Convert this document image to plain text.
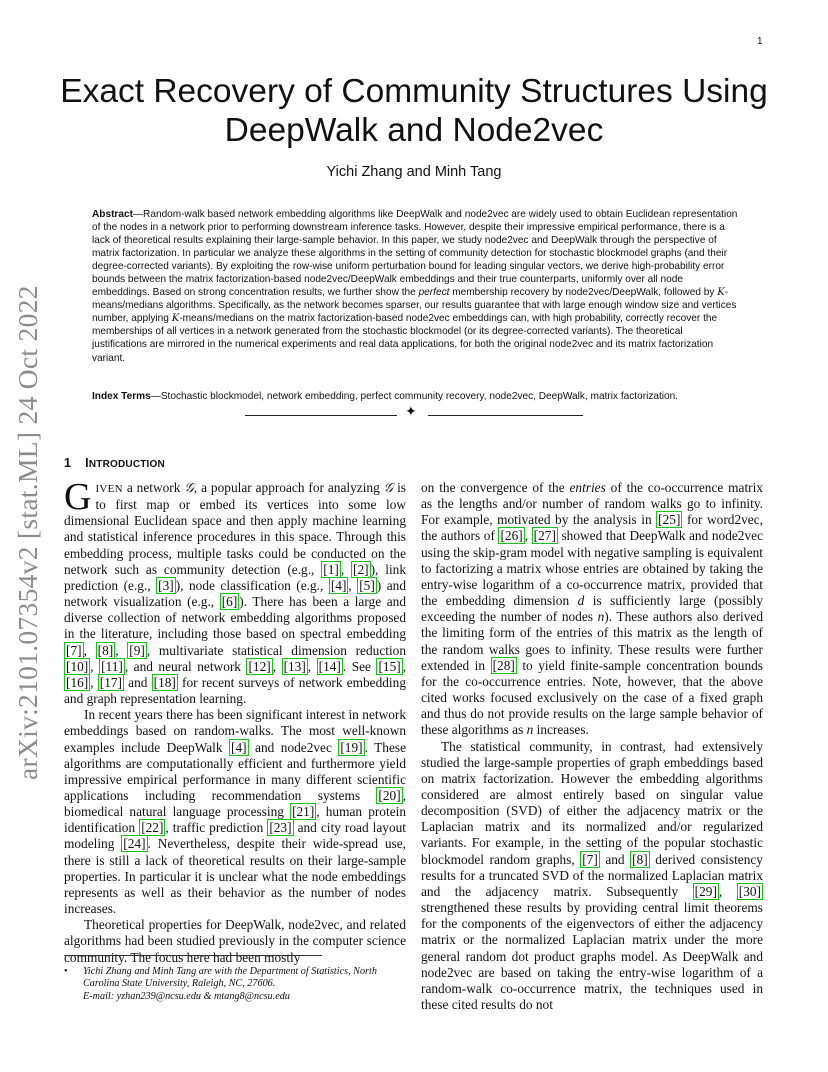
1
arXiv:2101.07354v2 [stat.ML] 24 Oct 2022
Exact Recovery of Community Structures Using
DeepWalk and Node2vec
Yichi Zhang and Minh Tang

Abstract—Random-walk based network embedding algorithms like DeepWalk and node2vec are widely used to obtain Euclidean representation of the nodes in a network prior to performing downstream inference tasks. However, despite their impressive empirical performance, there is a lack of theoretical results explaining their large-sample behavior. In this paper, we study node2vec and DeepWalk through the perspective of matrix factorization. In particular we analyze these algorithms in the setting of community detection for stochastic blockmodel graphs (and their degree-corrected variants). By exploiting the row-wise uniform perturbation bound for leading singular vectors, we derive high-probability error bounds between the matrix factorization-based node2vec/DeepWalk embeddings and their true counterparts, uniformly over all node embeddings. Based on strong concentration results, we further show the perfect membership recovery by node2vec/DeepWalk, followed by K-means/medians algorithms. Specifically, as the network becomes sparser, our results guarantee that with large enough window size and vertices number, applying K-means/medians on the matrix factorization-based node2vec embeddings can, with high probability, correctly recover the memberships of all vertices in a network generated from the stochastic blockmodel (or its degree-corrected variants). The theoretical justifications are mirrored in the numerical experiments and real data applications, for both the original node2vec and its matrix factorization variant.

Index Terms—Stochastic blockmodel, network embedding, perfect community recovery, node2vec, DeepWalk, matrix factorization.

✦
1 INTRODUCTION

GIVEN a network 𝒢, a popular approach for analyzing 𝒢 is to first map or embed its vertices into some low dimensional Euclidean space and then apply machine learning and statistical inference procedures in this space. Through this embedding process, multiple tasks could be conducted on the network such as community detection (e.g., [1] , [2] ), link prediction (e.g., [3] ), node classification (e.g., [4] , [5] ) and network visualization (e.g., [6] ). There has been a large and diverse collection of network embedding algorithms proposed in the literature, including those based on spectral embedding [7] , [8] , [9] , multivariate statistical dimension reduction [10] , [11] , and neural network [12] , [13] , [14] . See [15] , [16] , [17] and [18] for recent surveys of network embedding and graph representation learning.

In recent years there has been significant interest in network embeddings based on random-walks. The most well-known examples include DeepWalk [4] and node2vec [19] . These algorithms are computationally efficient and furthermore yield impressive empirical performance in many different scientific applications including recommendation systems [20] , biomedical natural language processing [21] , human protein identification [22] , traffic prediction [23] and city road layout modeling [24] . Nevertheless, despite their wide-spread use, there is still a lack of theoretical results on their large-sample properties. In particular it is unclear what the node embeddings represents as well as their behavior as the number of nodes increases.

Theoretical properties for DeepWalk, node2vec, and related algorithms had been studied previously in the computer science community. The focus here had been mostly

on the convergence of the entries of the co-occurrence matrix as the lengths and/or number of random walks go to infinity. For example, motivated by the analysis in [25] for word2vec, the authors of [26] , [27] showed that DeepWalk and node2vec using the skip-gram model with negative sampling is equivalent to factorizing a matrix whose entries are obtained by taking the entry-wise logarithm of a co-occurrence matrix, provided that the embedding dimension d is sufficiently large (possibly exceeding the number of nodes n). These authors also derived the limiting form of the entries of this matrix as the length of the random walks goes to infinity. These results were further extended in [28] to yield finite-sample concentration bounds for the co-occurrence entries. Note, however, that the above cited works focused exclusively on the case of a fixed graph and thus do not provide results on the large sample behavior of these algorithms as n increases.

The statistical community, in contrast, had extensively studied the large-sample properties of graph embeddings based on matrix factorization. However the embedding algorithms considered are almost entirely based on singular value decomposition (SVD) of either the adjacency matrix or the Laplacian matrix and its normalized and/or regularized variants. For example, in the setting of the popular stochastic blockmodel random graphs, [7] and [8] derived consistency results for a truncated SVD of the normalized Laplacian matrix and the adjacency matrix. Subsequently [29] , [30] strengthened these results by providing central limit theorems for the components of the eigenvectors of either the adjacency matrix or the normalized Laplacian matrix under the more general random dot product graphs model. As DeepWalk and node2vec are based on taking the entry-wise logarithm of a random-walk co-occurrence matrix, the techniques used in these cited results do not

• Yichi Zhang and Minh Tang are with the Department of Statistics, North Carolina State University, Raleigh, NC, 27606.
E-mail: yzhan239@ncsu.edu & mtang8@ncsu.edu
